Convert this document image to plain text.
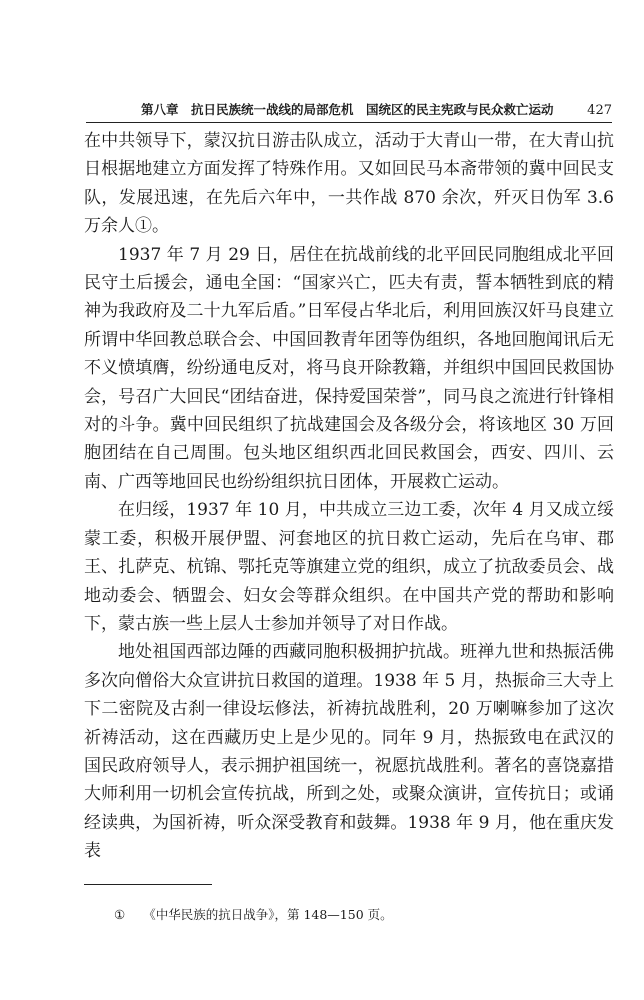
第八章　抗日民族统一战线的局部危机　国统区的民主宪政与民众救亡运动	427

在中共领导下，蒙汉抗日游击队成立，活动于大青山一带，在大青山抗日根据地建立方面发挥了特殊作用。又如回民马本斋带领的冀中回民支队，发展迅速，在先后六年中，一共作战 870 余次，歼灭日伪军 3.6 万余人①。

1937 年 7 月 29 日，居住在抗战前线的北平回民同胞组成北平回民守土后援会，通电全国：“国家兴亡，匹夫有责，誓本牺牲到底的精神为我政府及二十九军后盾。”日军侵占华北后，利用回族汉奸马良建立所谓中华回教总联合会、中国回教青年团等伪组织，各地回胞闻讯后无不义愤填膺，纷纷通电反对，将马良开除教籍，并组织中国回民救国协会，号召广大回民“团结奋进，保持爱国荣誉”，同马良之流进行针锋相对的斗争。冀中回民组织了抗战建国会及各级分会，将该地区 30 万回胞团结在自己周围。包头地区组织西北回民救国会，西安、四川、云南、广西等地回民也纷纷组织抗日团体，开展救亡运动。

在归绥，1937 年 10 月，中共成立三边工委，次年 4 月又成立绥蒙工委，积极开展伊盟、河套地区的抗日救亡运动，先后在乌审、郡王、扎萨克、杭锦、鄂托克等旗建立党的组织，成立了抗敌委员会、战地动委会、牺盟会、妇女会等群众组织。在中国共产党的帮助和影响下，蒙古族一些上层人士参加并领导了对日作战。

地处祖国西部边陲的西藏同胞积极拥护抗战。班禅九世和热振活佛多次向僧俗大众宣讲抗日救国的道理。1938 年 5 月，热振命三大寺上下二密院及古刹一律设坛修法，祈祷抗战胜利，20 万喇嘛参加了这次祈祷活动，这在西藏历史上是少见的。同年 9 月，热振致电在武汉的国民政府领导人，表示拥护祖国统一，祝愿抗战胜利。著名的喜饶嘉措大师利用一切机会宣传抗战，所到之处，或聚众演讲，宣传抗日；或诵经读典，为国祈祷，听众深受教育和鼓舞。1938 年 9 月，他在重庆发表

① 《中华民族的抗日战争》，第 148—150 页。
